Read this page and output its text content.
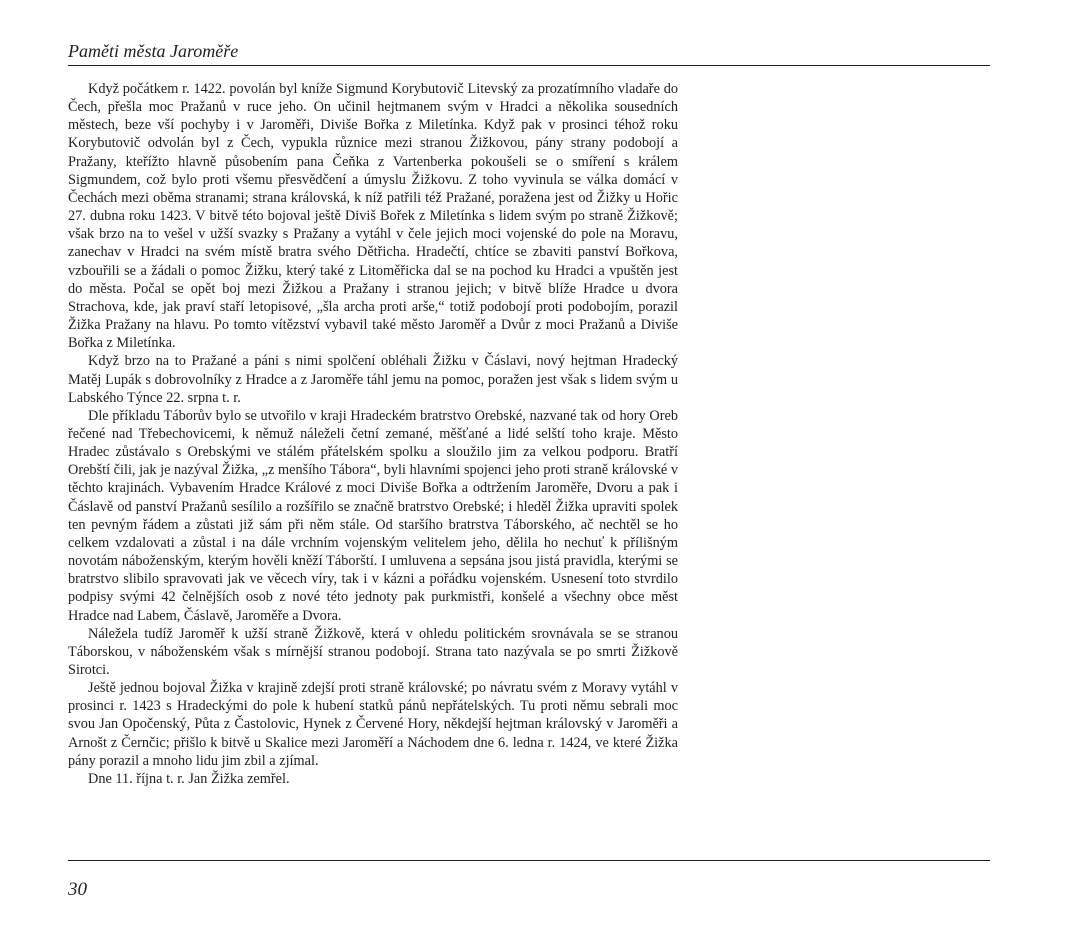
Paměti města Jaroměře

Když počátkem r. 1422. povolán byl kníže Sigmund Korybutovič Litevský za prozatímního vladaře do Čech, přešla moc Pražanů v ruce jeho. On učinil hejtmanem svým v Hradci a několika sousedních městech, beze vší pochyby i v Jaroměři, Diviše Bořka z Miletínka. Když pak v prosinci téhož roku Korybutovič odvolán byl z Čech, vypukla různice mezi stranou Žižkovou, pány strany podobojí a Pražany, kteřížto hlavně působením pana Čeňka z Vartenberka pokoušeli se o smíření s králem Sigmundem, což bylo proti všemu přesvědčení a úmyslu Žižkovu. Z toho vyvinula se válka domácí v Čechách mezi oběma stranami; strana královská, k níž patřili též Pražané, poražena jest od Žižky u Hořic 27. dubna roku 1423. V bitvě této bojoval ještě Diviš Bořek z Miletínka s lidem svým po straně Žižkově; však brzo na to vešel v užší svazky s Pražany a vytáhl v čele jejich moci vojenské do pole na Moravu, zanechav v Hradci na svém místě bratra svého Dětřicha. Hradečtí, chtíce se zbaviti panství Bořkova, vzbouřili se a žádali o pomoc Žižku, který také z Litoměřicka dal se na pochod ku Hradci a vpuštěn jest do města. Počal se opět boj mezi Žižkou a Pražany i stranou jejich; v bitvě blíže Hradce u dvora Strachova, kde, jak praví staří letopisové, „šla archa proti arše,“ totiž podobojí proti podobojím, porazil Žižka Pražany na hlavu. Po tomto vítězství vybavil také město Jaroměř a Dvůr z moci Pražanů a Diviše Bořka z Miletínka.

Když brzo na to Pražané a páni s nimi spolčení obléhali Žižku v Čáslavi, nový hejtman Hradecký Matěj Lupák s dobrovolníky z Hradce a z Jaroměře táhl jemu na pomoc, poražen jest však s lidem svým u Labského Týnce 22. srpna t. r.

Dle příkladu Táborův bylo se utvořilo v kraji Hradeckém bratrstvo Orebské, nazvané tak od hory Oreb řečené nad Třebechovicemi, k němuž náleželi četní zemané, měšťané a lidé selští toho kraje. Město Hradec zůstávalo s Orebskými ve stálém přátelském spolku a sloužilo jim za velkou podporu. Bratří Orebští čili, jak je nazýval Žižka, „z menšího Tábora“, byli hlavními spojenci jeho proti straně královské v těchto krajinách. Vybavením Hradce Králové z moci Diviše Bořka a odtržením Jaroměře, Dvoru a pak i Čáslavě od panství Pražanů sesílilo a rozšířilo se značně bratrstvo Orebské; i hleděl Žižka upraviti spolek ten pevným řádem a zůstati již sám při něm stále. Od staršího bratrstva Táborského, ač nechtěl se ho celkem vzdalovati a zůstal i na dále vrchním vojenským velitelem jeho, dělila ho nechuť k přílišným novotám náboženským, kterým hověli kněží Táborští. I umluvena a sepsána jsou jistá pravidla, kterými se bratrstvo slibilo spravovati jak ve věcech víry, tak i v kázni a pořádku vojenském. Usnesení toto stvrdilo podpisy svými 42 čelnějších osob z nové této jednoty pak purkmistři, konšelé a všechny obce měst Hradce nad Labem, Čáslavě, Jaroměře a Dvora.

Náležela tudíž Jaroměř k užší straně Žižkově, která v ohledu politickém srovnávala se se stranou Táborskou, v náboženském však s mírnější stranou podobojí. Strana tato nazývala se po smrti Žižkově Sirotci.

Ještě jednou bojoval Žižka v krajině zdejší proti straně královské; po návratu svém z Moravy vytáhl v prosinci r. 1423 s Hradeckými do pole k hubení statků pánů nepřátelských. Tu proti němu sebrali moc svou Jan Opočenský, Půta z Častolovic, Hynek z Červené Hory, někdejší hejtman královský v Jaroměři a Arnošt z Černčic; přišlo k bitvě u Skalice mezi Jaroměří a Náchodem dne 6. ledna r. 1424, ve které Žižka pány porazil a mnoho lidu jim zbil a zjímal.

Dne 11. října t. r. Jan Žižka zemřel.

30
